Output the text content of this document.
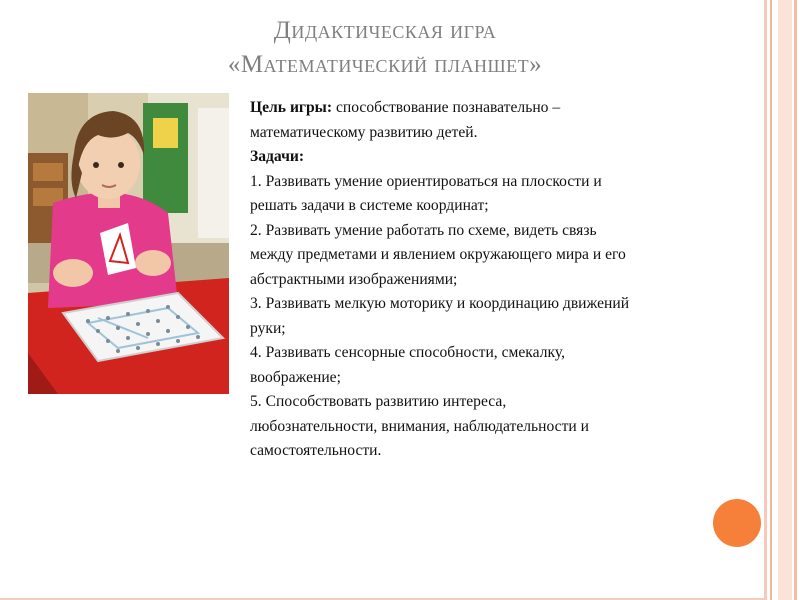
Дидактическая игра
«Математический планшет»
Цель игры: способствование познавательно –
математическому развитию детей.
Задачи:
1. Развивать умение ориентироваться на плоскости и
решать задачи в системе координат;
2. Развивать умение работать по схеме, видеть связь
между предметами и явлением окружающего мира и его
абстрактными изображениями;
3. Развивать мелкую моторику и координацию движений
руки;
4. Развивать сенсорные способности, смекалку,
воображение;
5. Способствовать развитию интереса,
любознательности, внимания, наблюдательности и
самостоятельности.
